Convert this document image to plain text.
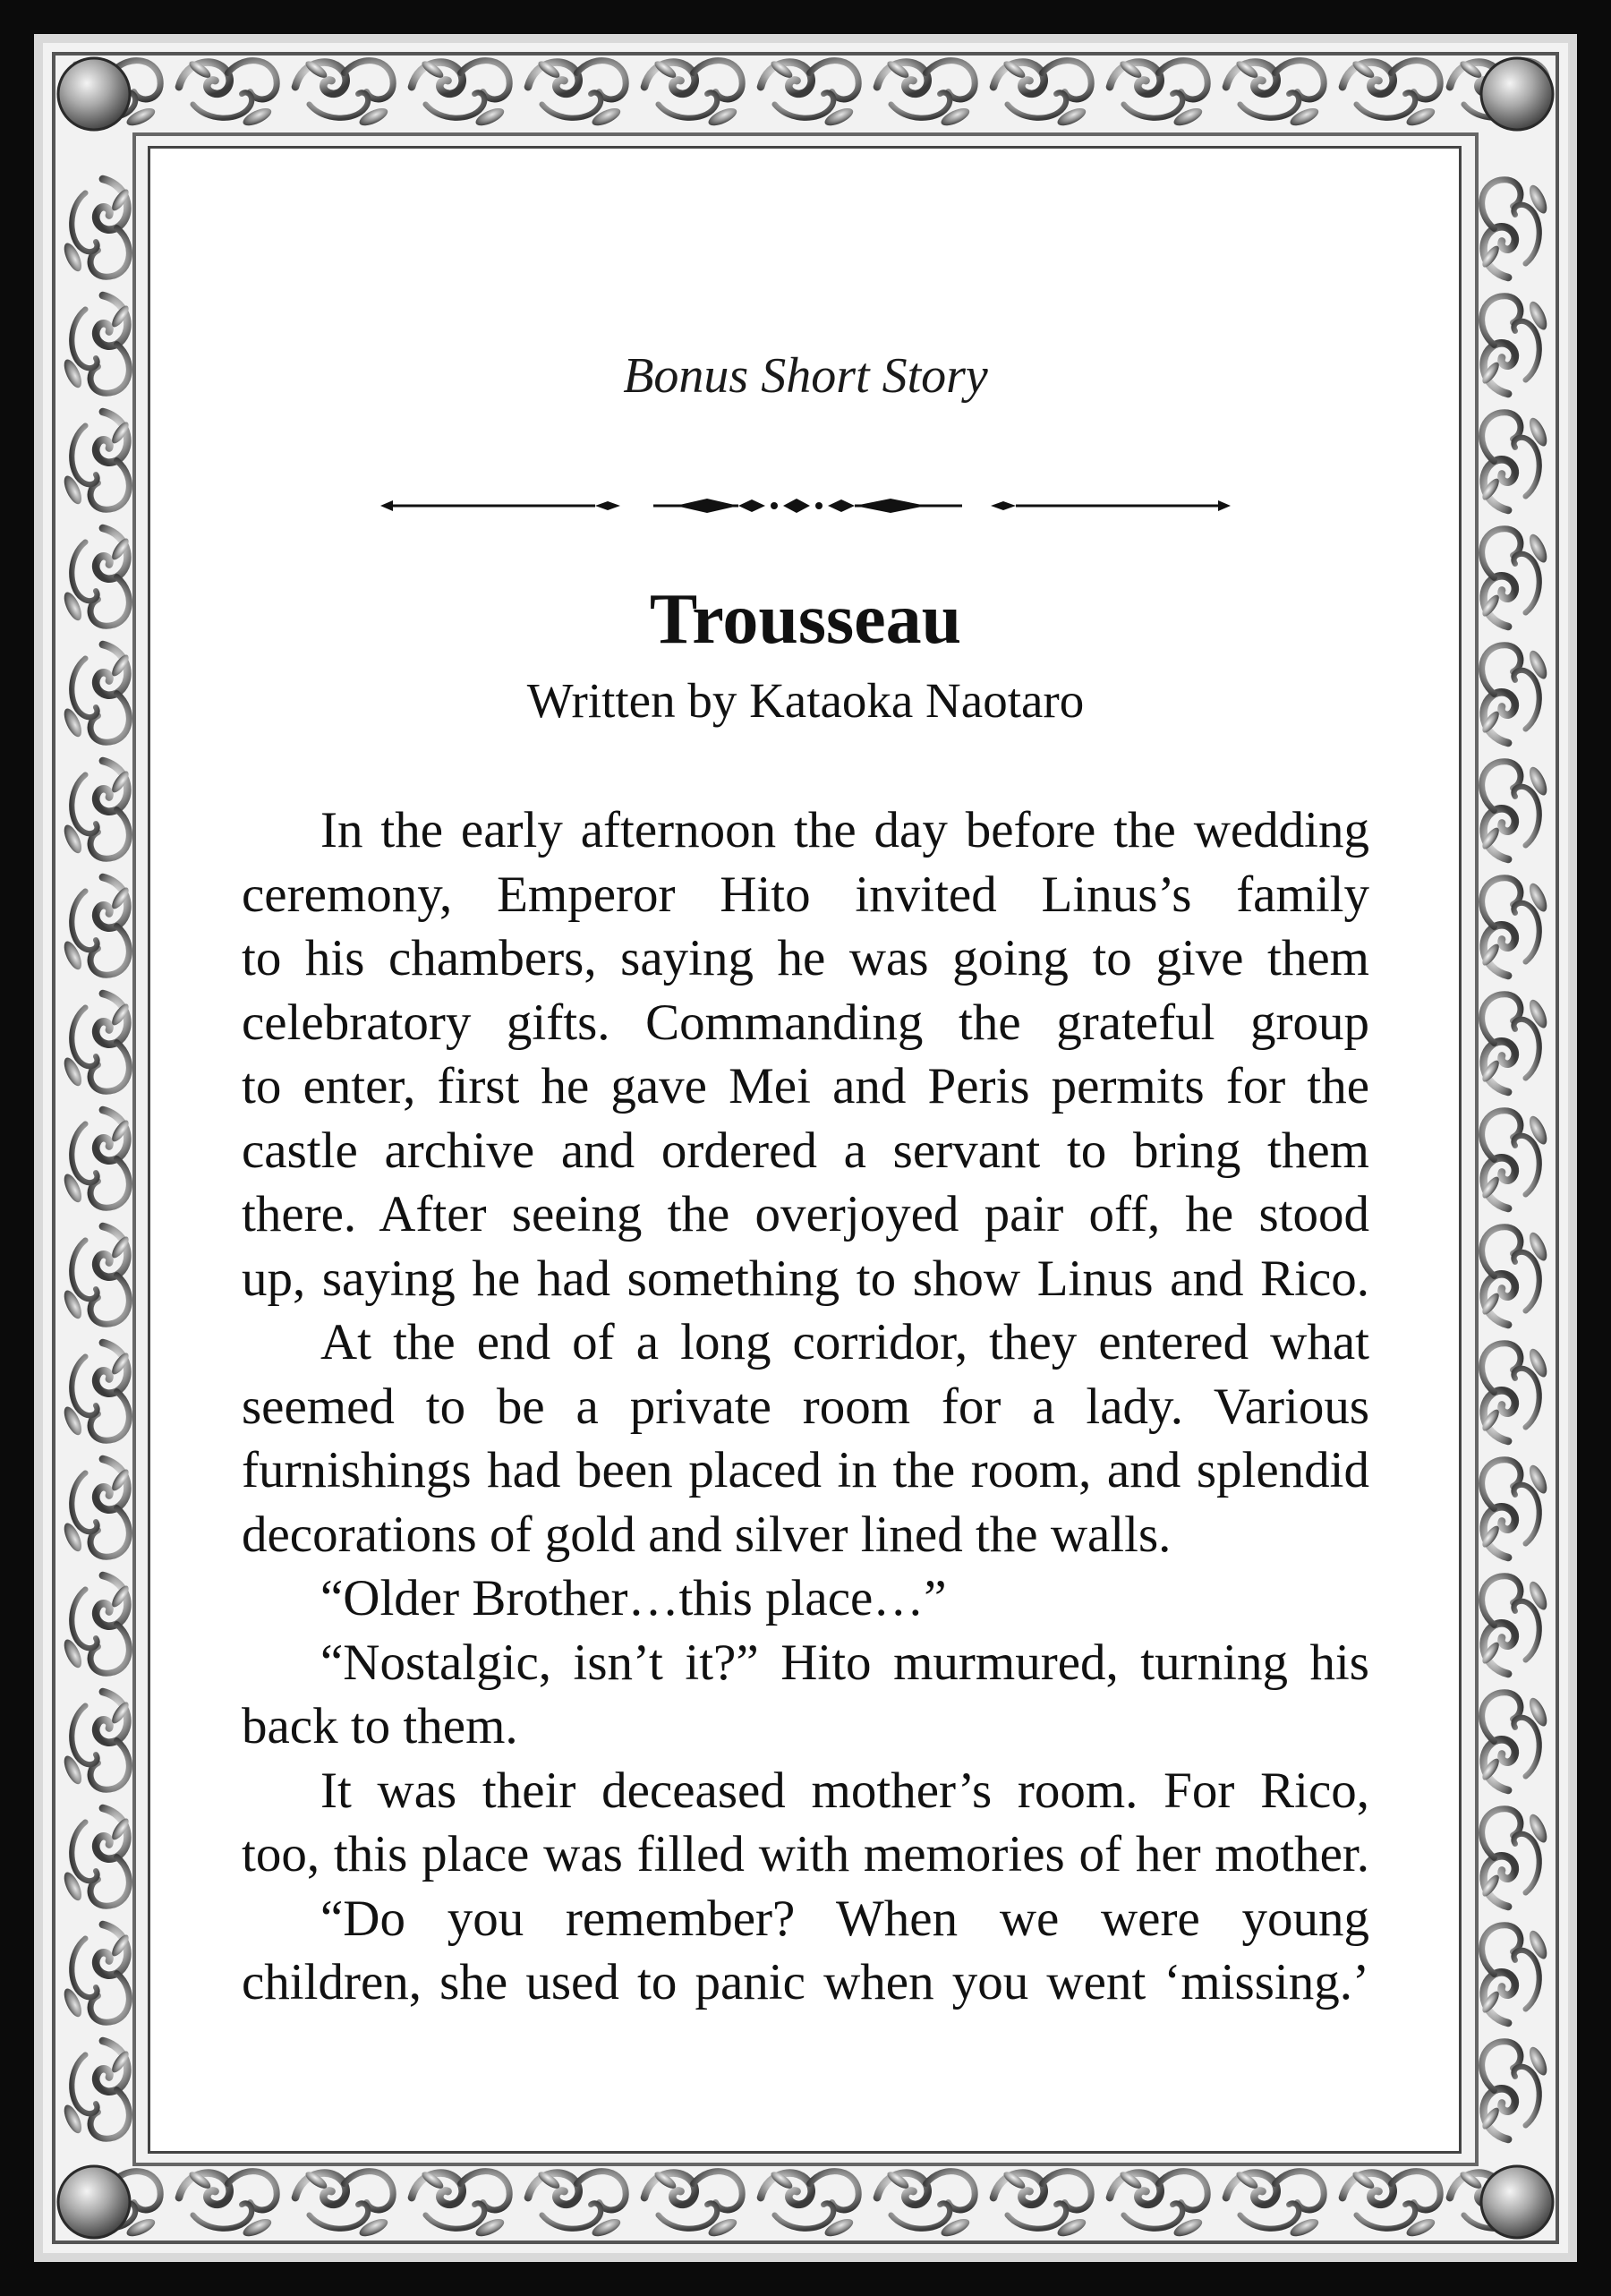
Bonus Short Story
Trousseau
Written by Kataoka Naotaro
In the early afternoon the day before the wedding
ceremony, Emperor Hito invited Linus’s family
to his chambers, saying he was going to give them
celebratory gifts. Commanding the grateful group
to enter, first he gave Mei and Peris permits for the
castle archive and ordered a servant to bring them
there. After seeing the overjoyed pair off, he stood
up, saying he had something to show Linus and Rico.
At the end of a long corridor, they entered what
seemed to be a private room for a lady. Various
furnishings had been placed in the room, and splendid
decorations of gold and silver lined the walls.
“Older Brother…this place…”
“Nostalgic, isn’t it?” Hito murmured, turning his
back to them.
It was their deceased mother’s room. For Rico,
too, this place was filled with memories of her mother.
“Do you remember? When we were young
children, she used to panic when you went ‘missing.’
